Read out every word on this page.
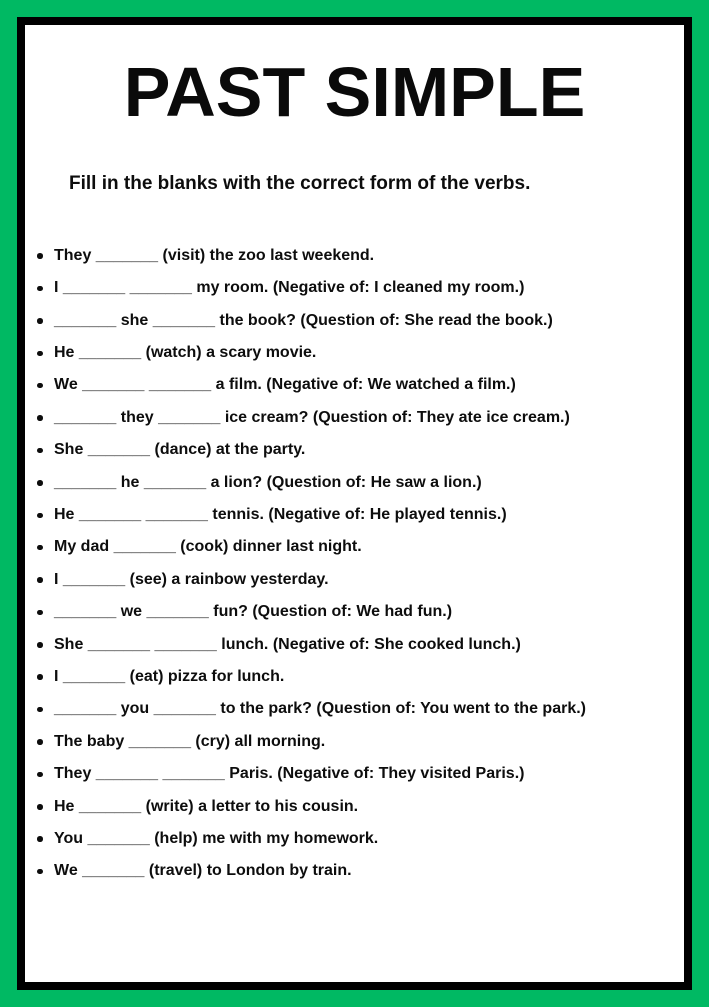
PAST SIMPLE

Fill in the blanks with the correct form of the verbs.

They _______ (visit) the zoo last weekend.
I _______ _______ my room. (Negative of: I cleaned my room.)
_______ she _______ the book? (Question of: She read the book.)
He _______ (watch) a scary movie.
We _______ _______ a film. (Negative of: We watched a film.)
_______ they _______ ice cream? (Question of: They ate ice cream.)
She _______ (dance) at the party.
_______ he _______ a lion? (Question of: He saw a lion.)
He _______ _______ tennis. (Negative of: He played tennis.)
My dad _______ (cook) dinner last night.
I _______ (see) a rainbow yesterday.
_______ we _______ fun? (Question of: We had fun.)
She _______ _______ lunch. (Negative of: She cooked lunch.)
I _______ (eat) pizza for lunch.
_______ you _______ to the park? (Question of: You went to the park.)
The baby _______ (cry) all morning.
They _______ _______ Paris. (Negative of: They visited Paris.)
He _______ (write) a letter to his cousin.
You _______ (help) me with my homework.
We _______ (travel) to London by train.
